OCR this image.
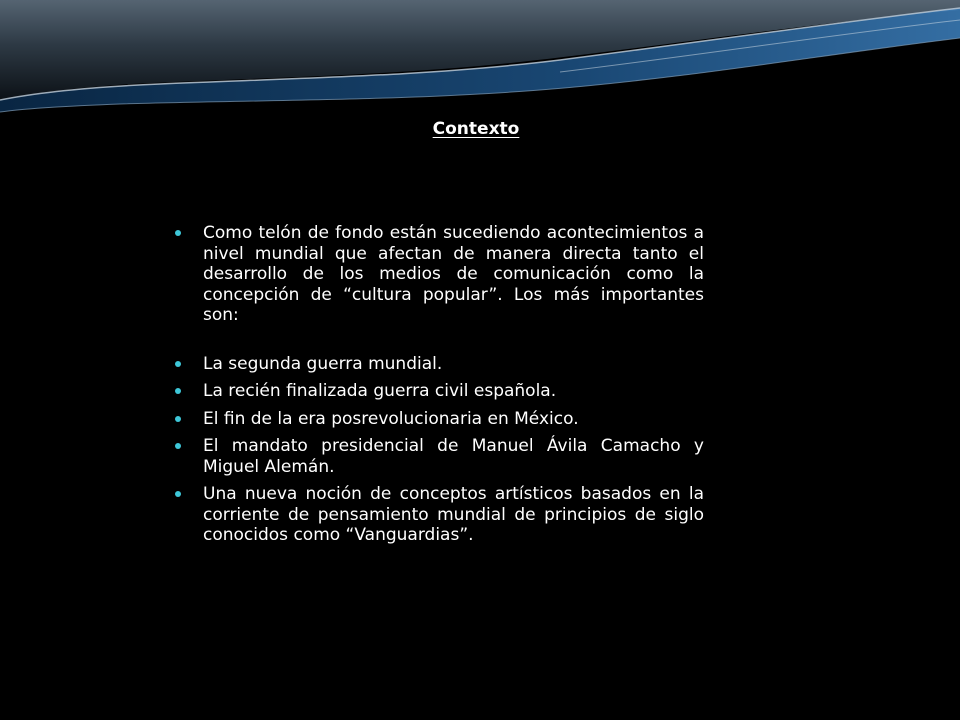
Contexto
Como telón de fondo están sucediendo acontecimientos a nivel mundial que afectan de manera directa tanto el desarrollo de los medios de comunicación como la concepción de “cultura popular”. Los más importantes son:
La segunda guerra mundial.
La recién finalizada guerra civil española.
El fin de la era posrevolucionaria en México.
El mandato presidencial de Manuel Ávila Camacho y Miguel Alemán.
Una nueva noción de conceptos artísticos basados en la corriente de pensamiento mundial de principios de siglo conocidos como “Vanguardias”.
